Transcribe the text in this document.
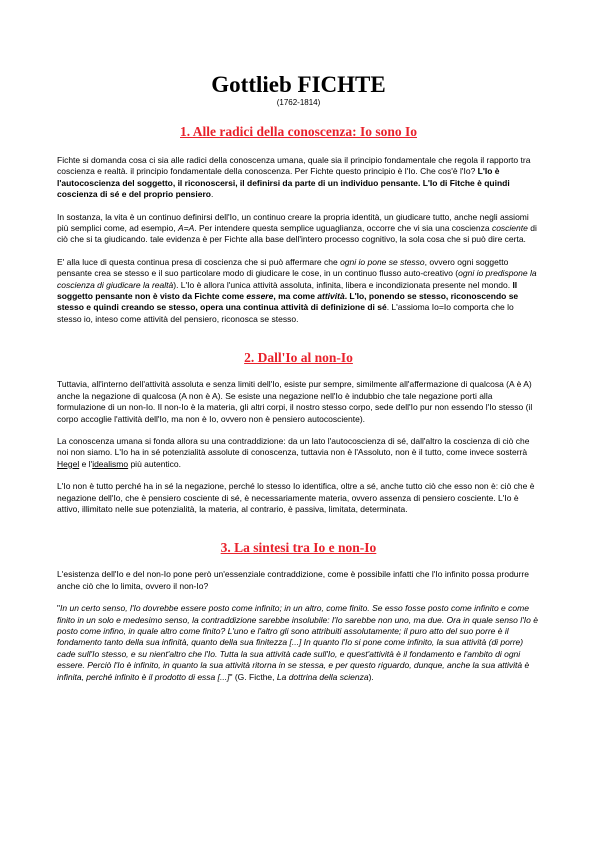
Gottlieb FICHTE
(1762-1814)
1. Alle radici della conoscenza: Io sono Io

Fichte si domanda cosa ci sia alle radici della conoscenza umana, quale sia il principio fondamentale che regola il rapporto tra coscienza e realtà. il principio fondamentale della conoscenza. Per Fichte questo principio è l'Io. Che cos'è l'Io? L'Io è l'autocoscienza del soggetto, il riconoscersi, il definirsi da parte di un individuo pensante. L'Io di Fitche è quindi coscienza di sé e del proprio pensiero.

In sostanza, la vita è un continuo definirsi dell'Io, un continuo creare la propria identità, un giudicare tutto, anche negli assiomi più semplici come, ad esempio, A=A. Per intendere questa semplice uguaglianza, occorre che vi sia una coscienza cosciente di ciò che si ta giudicando. tale evidenza è per Fichte alla base dell'intero processo cognitivo, la sola cosa che si può dire certa.

E' alla luce di questa continua presa di coscienza che si può affermare che ogni io pone se stesso, ovvero ogni soggetto pensante crea se stesso e il suo particolare modo di giudicare le cose, in un continuo flusso auto-creativo (ogni io predispone la coscienza di giudicare la realtà). L'Io è allora l'unica attività assoluta, infinita, libera e incondizionata presente nel mondo. Il soggetto pensante non è visto da Fichte come essere, ma come attività. L'Io, ponendo se stesso, riconoscendo se stesso e quindi creando se stesso, opera una continua attività di definizione di sé. L'assioma Io=Io comporta che lo stesso io, inteso come attività del pensiero, riconosca se stesso.

2. Dall'Io al non-Io

Tuttavia, all'interno dell'attività assoluta e senza limiti dell'Io, esiste pur sempre, similmente all'affermazione di qualcosa (A è A) anche la negazione di qualcosa (A non è A). Se esiste una negazione nell'Io è indubbio che tale negazione porti alla formulazione di un non-Io. Il non-Io è la materia, gli altri corpi, il nostro stesso corpo, sede dell'Io pur non essendo l'Io stesso (il corpo accoglie l'attività dell'Io, ma non è Io, ovvero non è pensiero autocosciente).

La conoscenza umana si fonda allora su una contraddizione: da un lato l'autocoscienza di sé, dall'altro la coscienza di ciò che noi non siamo. L'Io ha in sé potenzialità assolute di conoscenza, tuttavia non è l'Assoluto, non è il tutto, come invece sosterrà Hegel e l'idealismo più autentico.

L'Io non è tutto perché ha in sé la negazione, perché lo stesso Io identifica, oltre a sé, anche tutto ciò che esso non è: ciò che è negazione dell'Io, che è pensiero cosciente di sé, è necessariamente materia, ovvero assenza di pensiero cosciente. L'Io è attivo, illimitato nelle sue potenzialità, la materia, al contrario, è passiva, limitata, determinata.

3. La sintesi tra Io e non-Io

L'esistenza dell'Io e del non-Io pone però un'essenziale contraddizione, come è possibile infatti che l'Io infinito possa produrre anche ciò che lo limita, ovvero il non-Io?

"In un certo senso, l'Io dovrebbe essere posto come infinito; in un altro, come finito. Se esso fosse posto come infinito e come finito in un solo e medesimo senso, la contraddizione sarebbe insolubile: l'Io sarebbe non uno, ma due. Ora in quale senso l'Io è posto come infino, in quale altro come finito? L'uno e l'altro gli sono attribuiti assolutamente; il puro atto del suo porre è il fondamento tanto della sua infinità, quanto della sua finitezza [...] In quanto l'Io si pone come infinito, la sua attività (di porre) cade sull'Io stesso, e su nient'altro che l'Io. Tutta la sua attività cade sull'Io, e quest'attività è il fondamento e l'ambito di ogni essere. Perciò l'Io è infinito, in quanto la sua attività ritorna in se stessa, e per questo riguardo, dunque, anche la sua attività è infinita, perché infinito è il prodotto di essa [...]" (G. Ficthe, La dottrina della scienza).
